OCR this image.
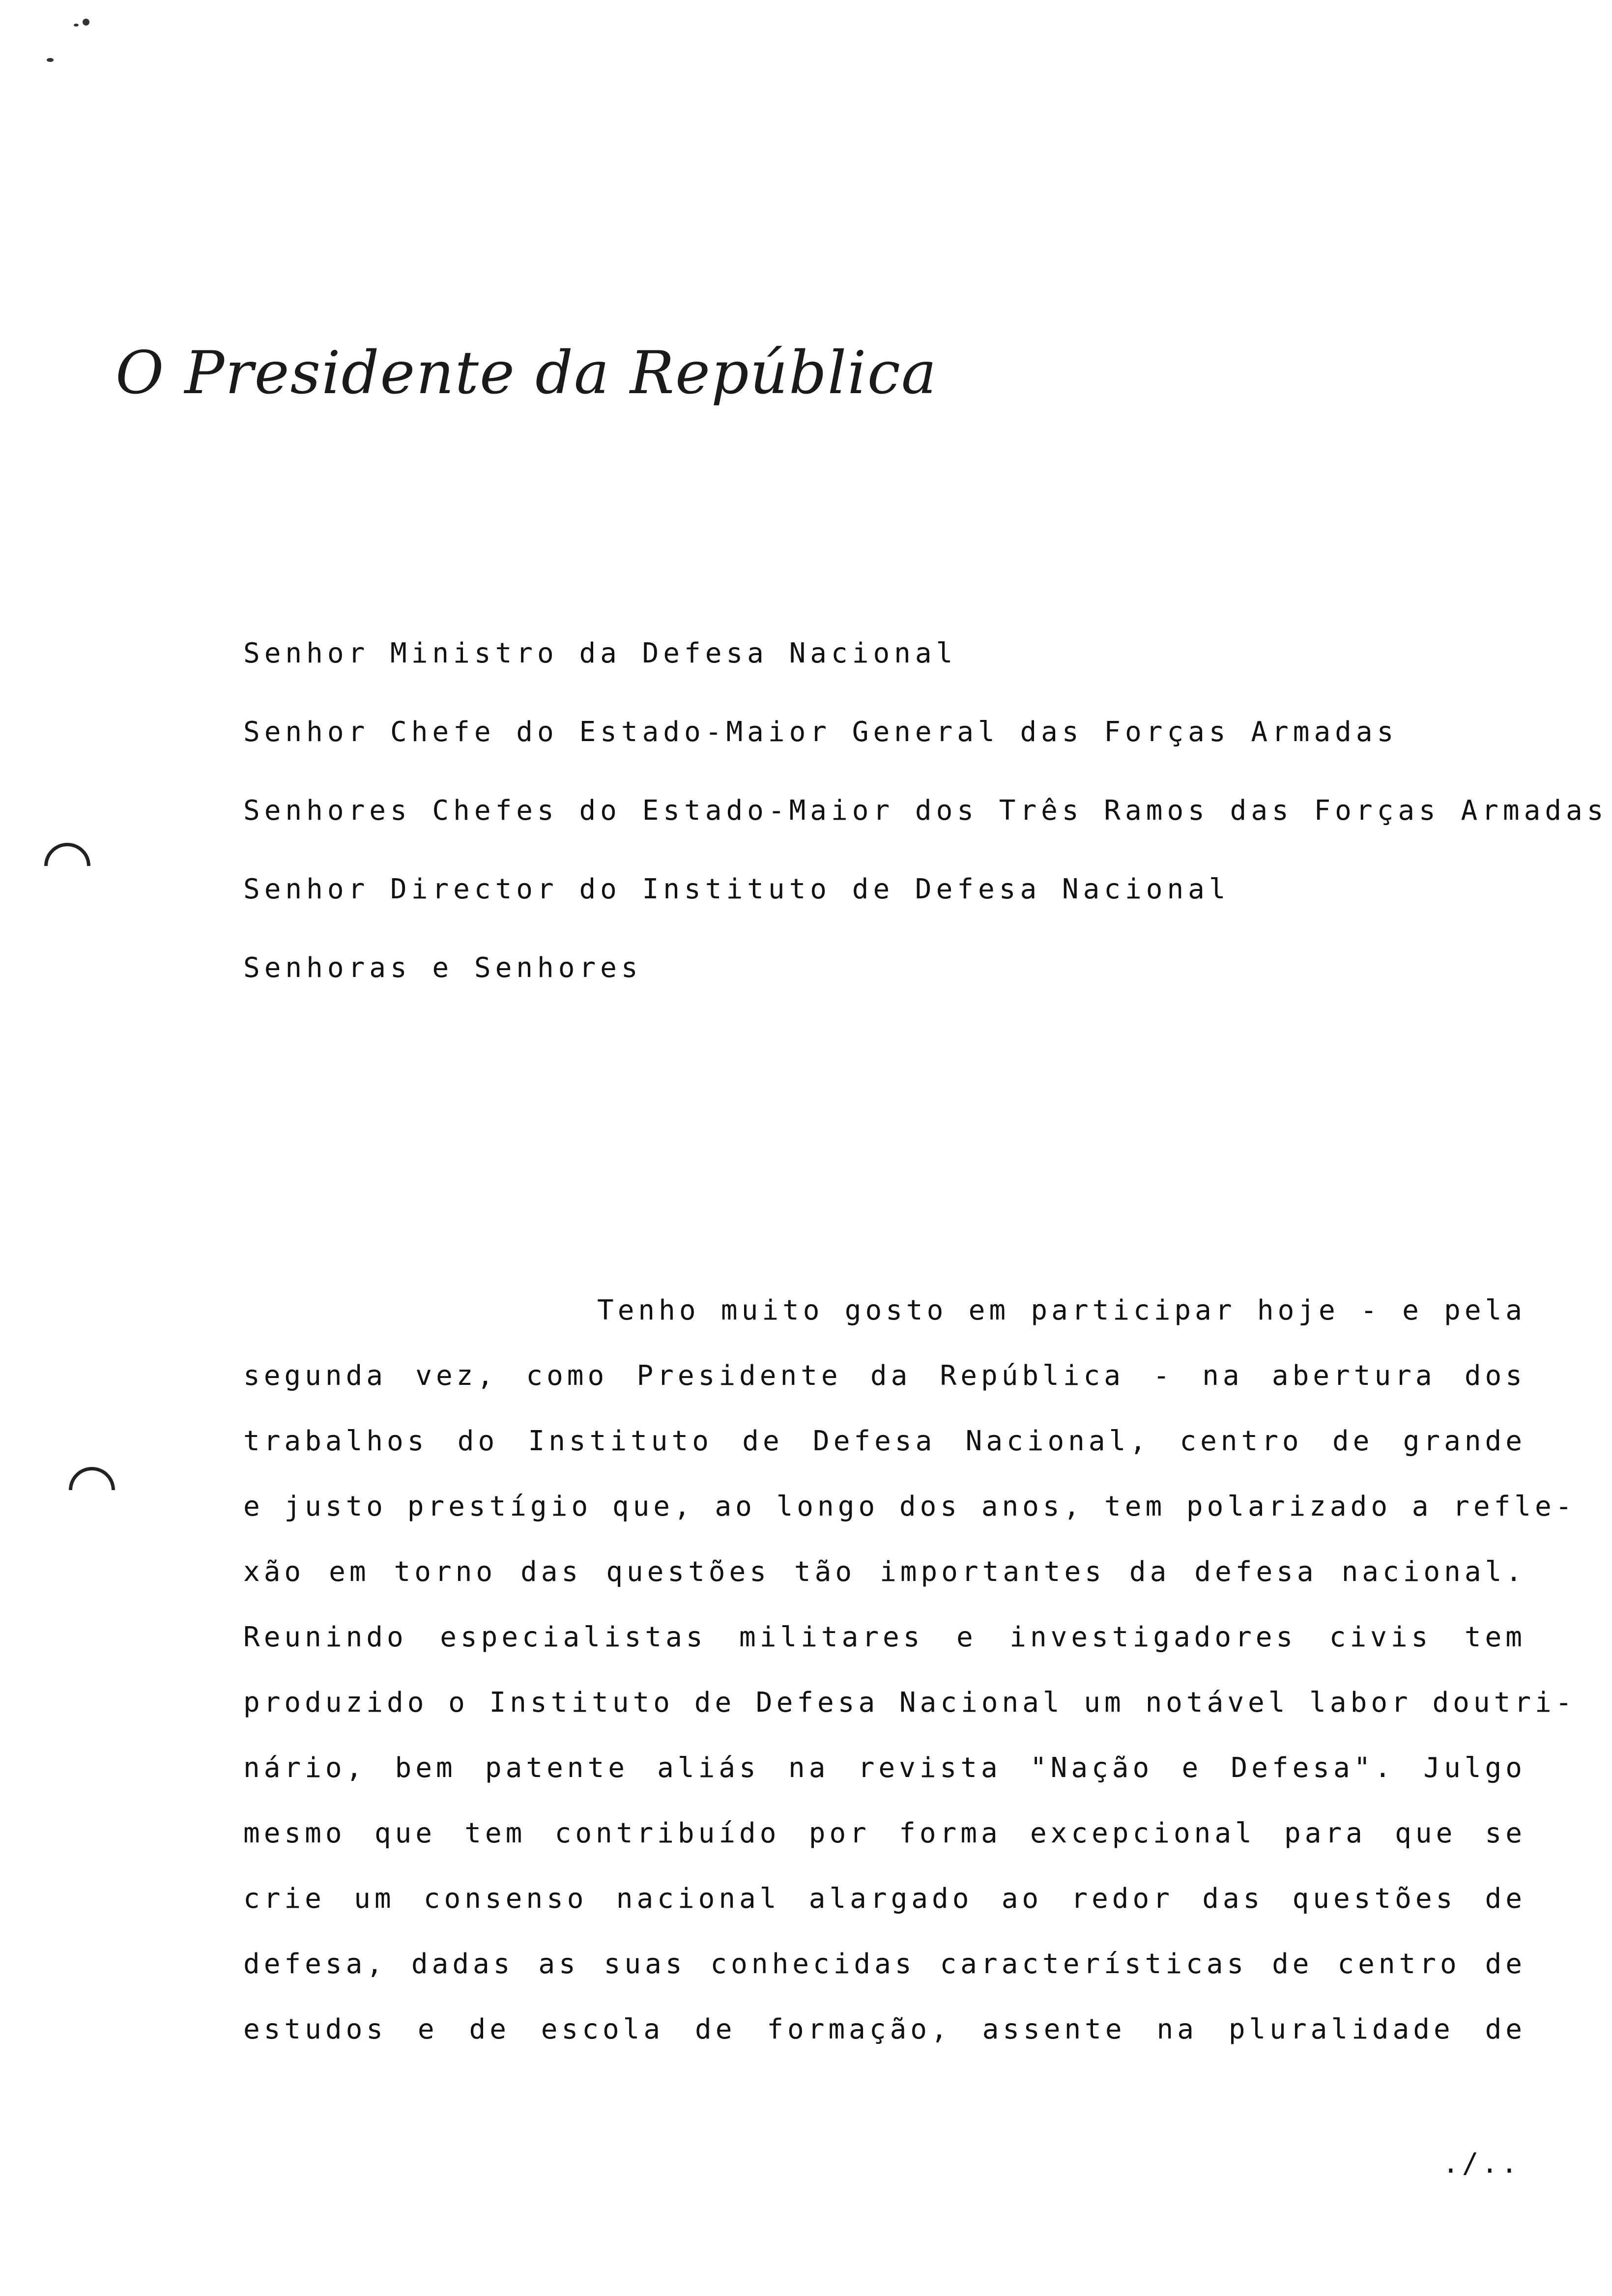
O Presidente da República
Senhor Ministro da Defesa Nacional
Senhor Chefe do Estado-Maior General das Forças Armadas
Senhores Chefes do Estado-Maior dos Três Ramos das Forças Armadas
Senhor Director do Instituto de Defesa Nacional
Senhoras e Senhores
Tenho muito gosto em participar hoje - e pela
segunda vez, como Presidente da República - na abertura dos
trabalhos do Instituto de Defesa Nacional, centro de grande
e justo prestígio que, ao longo dos anos, tem polarizado a refle-
xão em torno das questões tão importantes da defesa nacional.
Reunindo especialistas militares e investigadores civis tem
produzido o Instituto de Defesa Nacional um notável labor doutri-
nário, bem patente aliás na revista "Nação e Defesa". Julgo
mesmo que tem contribuído por forma excepcional para que se
crie um consenso nacional alargado ao redor das questões de
defesa, dadas as suas conhecidas características de centro de
estudos e de escola de formação, assente na pluralidade de
./..
